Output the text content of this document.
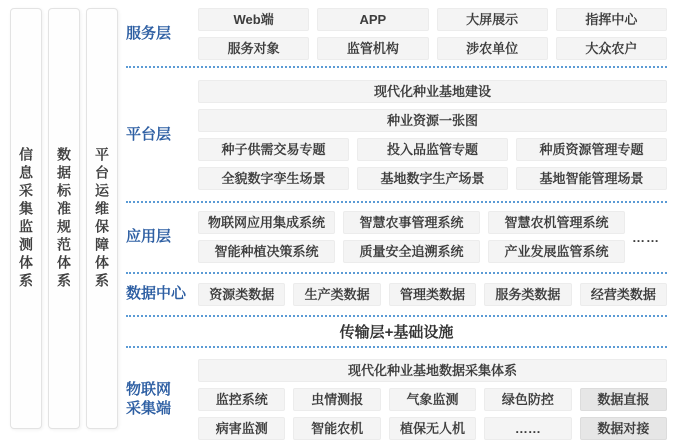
信息采集监测体系 数据标准规范体系 平台运维保障体系
服务层
Web端	APP	大屏展示	指挥中心
服务对象	监管机构	涉农单位	大众农户
平台层
现代化种业基地建设
种业资源一张图
种子供需交易专题	投入品监管专题	种质资源管理专题
全貌数字孪生场景	基地数字生产场景	基地智能管理场景
应用层
物联网应用集成系统	智慧农事管理系统	智慧农机管理系统
智能种植决策系统	质量安全追溯系统	产业发展监管系统
……
数据中心	资源类数据	生产类数据	管理类数据	服务类数据	经营类数据
传输层+基础设施
物联网
采集端
现代化种业基地数据采集体系
监控系统	虫情测报	气象监测	绿色防控	数据直报
病害监测	智能农机	植保无人机	……	数据对接
